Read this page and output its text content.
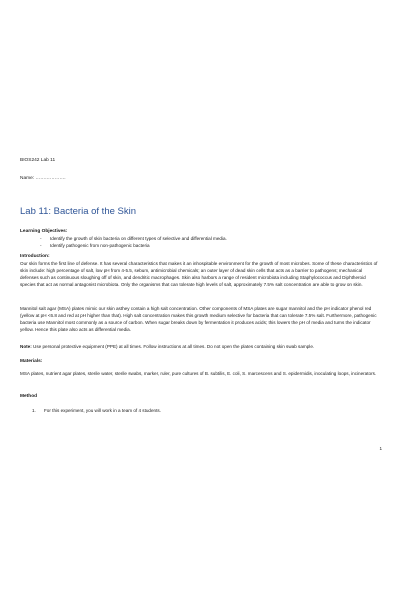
BIOS242 Lab 11
Name: ……………….
Lab 11: Bacteria of the Skin

Learning Objectives:

- Identify the growth of skin bacteria on different types of selective and differential media.
- Identify pathogenic from non-pathogenic bacteria

Introduction:

Our skin forms the first line of defense. It has several characteristics that makes it an inhospitable environment for the growth of most microbes. Some of these characteristics of skin include: high percentage of salt, low pH from 4-5.5, sebum, antimicrobial chemicals; an outer layer of dead skin cells that acts as a barrier to pathogens; mechanical defenses such as continuous sloughing off of skin, and dendritic macrophages. Skin also harbors a range of resident microbiota including Staphylococcus and Diphtheroid species that act as normal antagonist microbiota. Only the organisms that can tolerate high levels of salt, approximately 7.5% salt concentration are able to grow on skin.

Mannitol salt agar (MSA) plates mimic our skin asthey contain a high salt concentration. Other components of MSA plates are sugar mannitol and the pH indicator phenol red (yellow at pH <6.8 and red at pH higher than that). High salt concentration makes this growth medium selective for bacteria that can tolerate 7.5% salt. Furthermore, pathogenic bacteria use Mannitol most commonly as a source of carbon. When sugar breaks down by fermentation it produces acids; this lowers the pH of media and turns the indicator yellow. Hence this plate also acts as differential media.

Note: Use personal protective equipment (PPE) at all times. Follow instructions at all times. Do not open the plates containing skin swab sample.

Materials:

MSA plates, nutrient agar plates, sterile water, sterile swabs, marker, ruler, pure cultures of B. subtilis, E. coli, S. marcescens and S. epidermidis, inoculating loops, incinerators.

Method

1. For this experiment, you will work in a team of 4 students.
1
